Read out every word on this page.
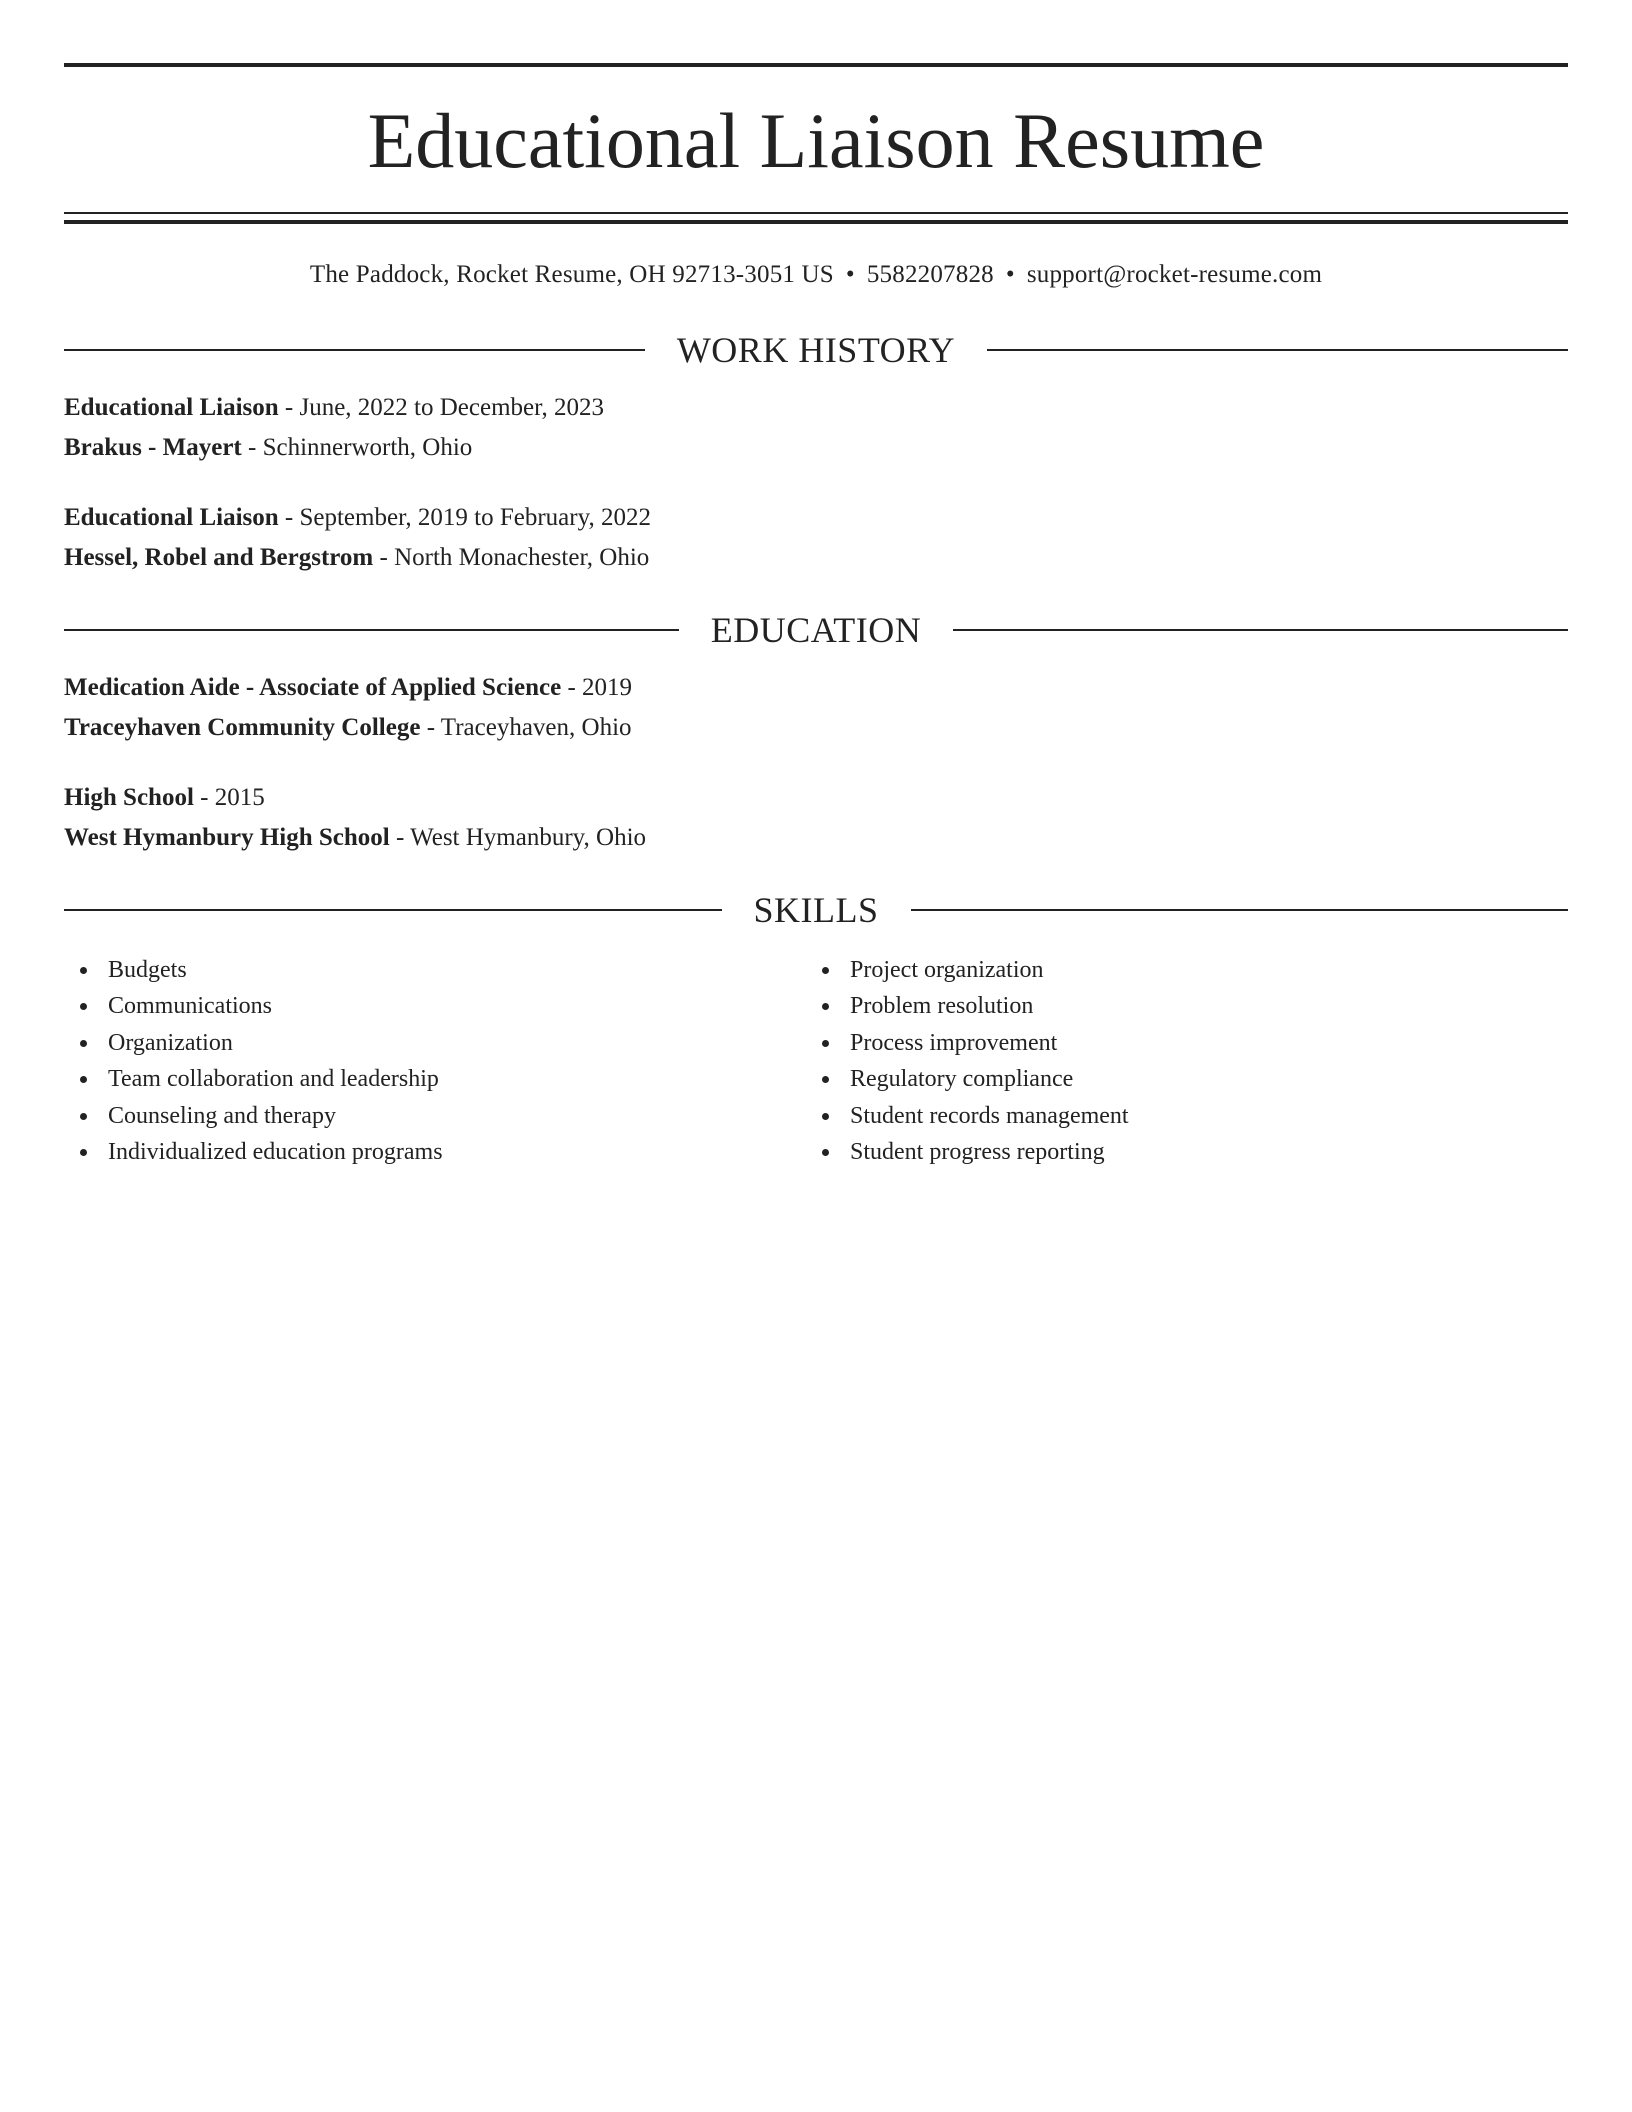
Educational Liaison Resume
The Paddock, Rocket Resume, OH 92713-3051 US • 5582207828 • support@rocket-resume.com
WORK HISTORY
Educational Liaison - June, 2022 to December, 2023
Brakus - Mayert - Schinnerworth, Ohio
Educational Liaison - September, 2019 to February, 2022
Hessel, Robel and Bergstrom - North Monachester, Ohio
EDUCATION
Medication Aide - Associate of Applied Science - 2019
Traceyhaven Community College - Traceyhaven, Ohio
High School - 2015
West Hymanbury High School - West Hymanbury, Ohio
SKILLS
Budgets
Communications
Organization
Team collaboration and leadership
Counseling and therapy
Individualized education programs
Project organization
Problem resolution
Process improvement
Regulatory compliance
Student records management
Student progress reporting
